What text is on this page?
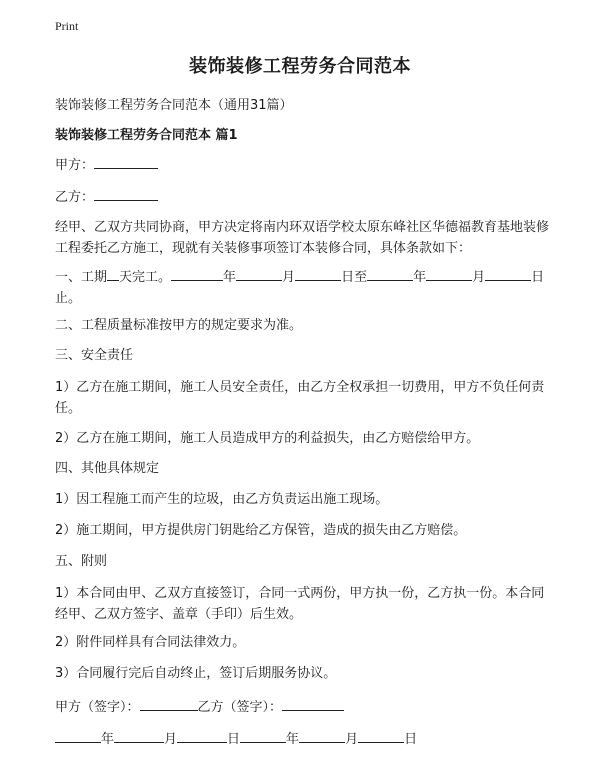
Print
装饰装修工程劳务合同范本
装饰装修工程劳务合同范本（通用31篇）
装饰装修工程劳务合同范本 篇1
甲方：
乙方：
经甲、乙双方共同协商，甲方决定将南内环双语学校太原东峰社区华德福教育基地装修工程委托乙方施工，现就有关装修事项签订本装修合同，具体条款如下：
一、工期 天完工。	年	月	日至	年	月	日止。
二、工程质量标准按甲方的规定要求为准。
三、安全责任
1）乙方在施工期间，施工人员安全责任，由乙方全权承担一切费用，甲方不负任何责任。
2）乙方在施工期间，施工人员造成甲方的利益损失，由乙方赔偿给甲方。
四、其他具体规定
1）因工程施工而产生的垃圾，由乙方负责运出施工现场。
2）施工期间，甲方提供房门钥匙给乙方保管，造成的损失由乙方赔偿。
五、附则
1）本合同由甲、乙双方直接签订，合同一式两份，甲方执一份，乙方执一份。本合同经甲、乙双方签字、盖章（手印）后生效。
2）附件同样具有合同法律效力。
3）合同履行完后自动终止，签订后期服务协议。
甲方（签字）：	乙方（签字）：
年	月	日	年	月	日
